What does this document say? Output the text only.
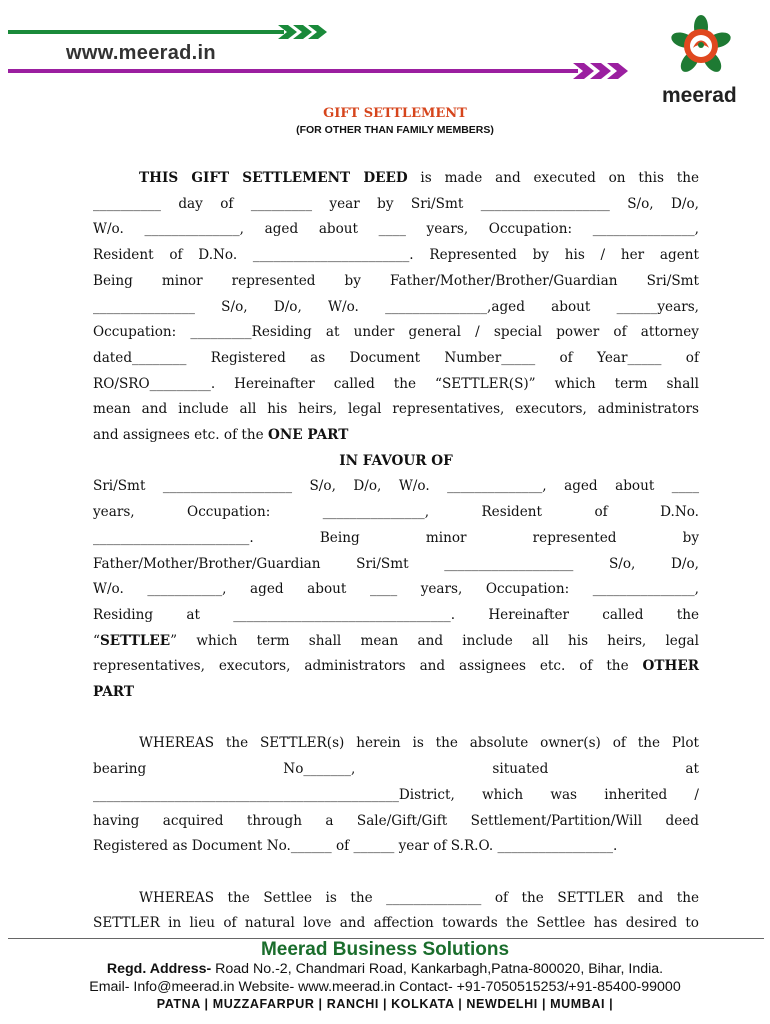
www.meerad.in
meerad
GIFT SETTLEMENT
(FOR OTHER THAN FAMILY MEMBERS)

THIS GIFT SETTLEMENT DEED is made and executed on this the

__________ day of _________ year by Sri/Smt ___________________ S/o, D/o,

W/o. ______________, aged about ____ years, Occupation: _______________,

Resident of D.No. _______________________. Represented by his / her agent

Being minor represented by Father/Mother/Brother/Guardian Sri/Smt

_______________ S/o, D/o, W/o. _______________,aged about ______years,

Occupation: _________Residing at under general / special power of attorney

dated________ Registered as Document Number_____ of Year_____ of

RO/SRO_________. Hereinafter called the “SETTLER(S)” which term shall

mean and include all his heirs, legal representatives, executors, administrators

and assignees etc. of the ONE PART

IN FAVOUR OF

Sri/Smt ___________________ S/o, D/o, W/o. ______________, aged about ____

years, Occupation: _______________, Resident of D.No.

_______________________. Being minor represented by

Father/Mother/Brother/Guardian Sri/Smt ___________________ S/o, D/o,

W/o. ___________, aged about ____ years, Occupation: _______________,

Residing at ________________________________. Hereinafter called the

“SETTLEE” which term shall mean and include all his heirs, legal

representatives, executors, administrators and assignees etc. of the OTHER

PART

WHEREAS the SETTLER(s) herein is the absolute owner(s) of the Plot

bearing No_______, situated at

_____________________________________________District, which was inherited /

having acquired through a Sale/Gift/Gift Settlement/Partition/Will deed

Registered as Document No.______ of ______ year of S.R.O. _________________.

WHEREAS the Settlee is the ______________ of the SETTLER and the

SETTLER in lieu of natural love and affection towards the Settlee has desired to

Meerad Business Solutions
Regd. Address- Road No.-2, Chandmari Road, Kankarbagh,Patna-800020, Bihar, India.
Email- Info@meerad.in Website- www.meerad.in Contact- +91-7050515253/+91-85400-99000
PATNA | MUZZAFARPUR | RANCHI | KOLKATA | NEWDELHI | MUMBAI |
